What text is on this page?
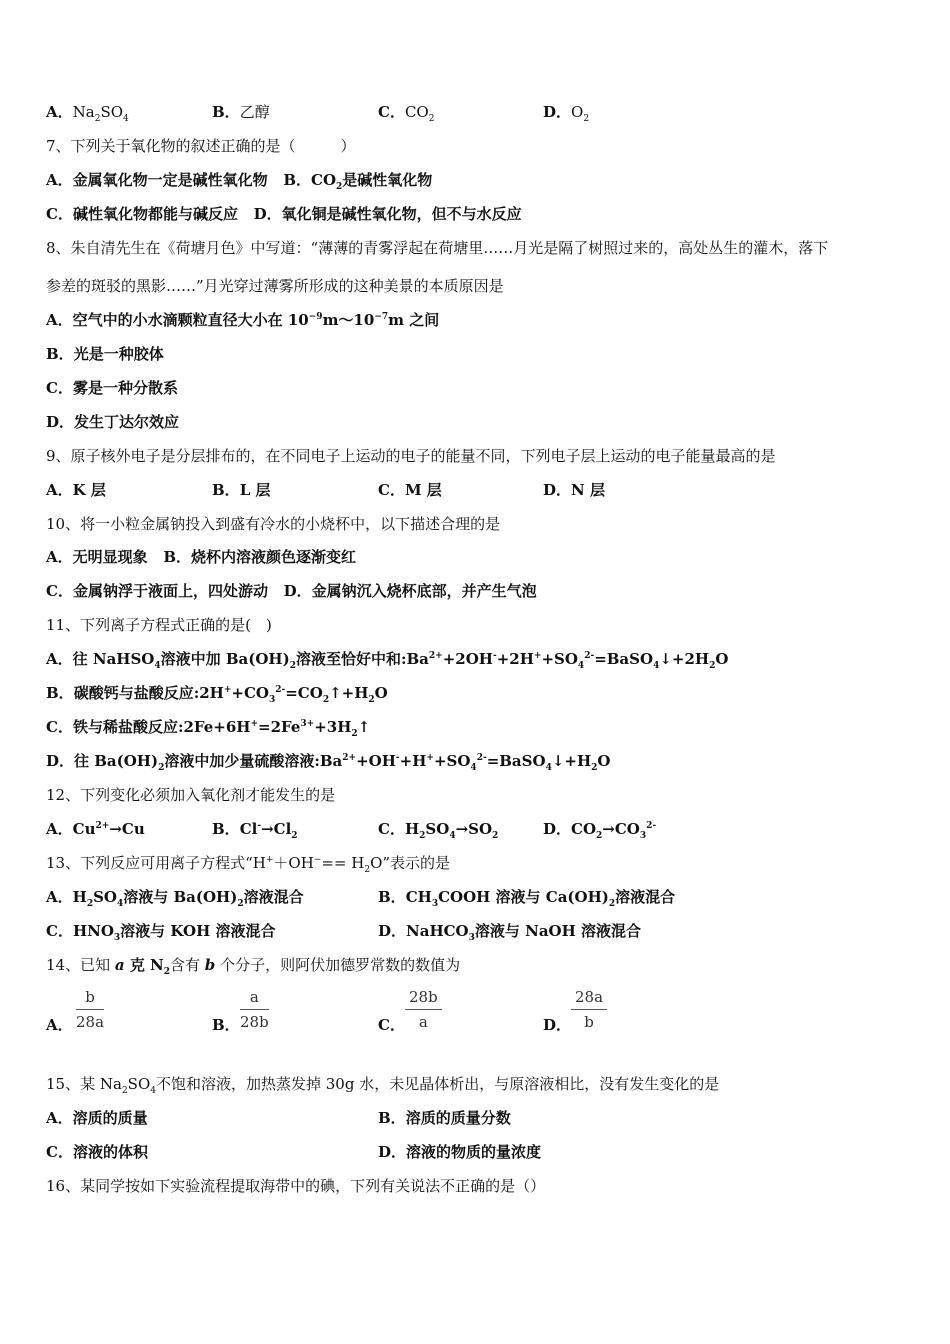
A．$Na_2SO_4$	B．乙醇	C．$CO_2$	D．$O_2$
7、下列关于氧化物的叙述正确的是（　　　）
A．金属氧化物一定是碱性氧化物 B．$CO_2$是碱性氧化物
C．碱性氧化物都能与碱反应 D．氧化铜是碱性氧化物，但不与水反应
8、朱自清先生在《荷塘月色》中写道：“薄薄的青雾浮起在荷塘里……月光是隔了树照过来的，高处丛生的灌木，落下
参差的斑驳的黑影……”月光穿过薄雾所形成的这种美景的本质原因是
A．空气中的小水滴颗粒直径大小在 $10^{-9}m\sim 10^{-7}m$ 之间
B．光是一种胶体
C．雾是一种分散系
D．发生丁达尔效应
9、原子核外电子是分层排布的，在不同电子上运动的电子的能量不同，下列电子层上运动的电子能量最高的是
A．K 层	B．L 层	C．M 层	D．N 层
10、将一小粒金属钠投入到盛有冷水的小烧杯中，以下描述合理的是
A．无明显现象 B．烧杯内溶液颜色逐渐变红
C．金属钠浮于液面上，四处游动 D．金属钠沉入烧杯底部，并产生气泡
11、下列离子方程式正确的是(　)
A．往 NaHSO$_4$溶液中加 $Ba(OH)_2$溶液至恰好中和$:Ba^{2+}+2OH^-+2H^++SO_4^{2-}=BaSO_4↓+2H_2O$
B．碳酸钙与盐酸反应$:2H^++CO_3^{2-}=CO_2↑+H_2O$
C．铁与稀盐酸反应$:2Fe+6H^+=2Fe^{3+}+3H_2↑$
D．往 $Ba(OH)_2$溶液中加少量硫酸溶液$:Ba^{2+}+OH^-+H^++SO_4^{2-}=BaSO_4↓+H_2O$
12、下列变化必须加入氧化剂才能发生的是
A．$Cu^{2+}\to Cu$	B．$Cl^-\to Cl_2$	C．$H_2SO_4\to SO_2$	D．$CO_2\to CO_3^{2-}$
13、下列反应可用离子方程式“$H^++OH^-== H_2O$”表示的是
A．$H_2SO_4$溶液与 $Ba(OH)_2$溶液混合	B．$CH_3COOH$ 溶液与 $Ca(OH)_2$溶液混合
C．$HNO_3$溶液与 KOH 溶液混合	D．NaHCO$_3$溶液与 NaOH 溶液混合
14、已知 a 克 $N_2$含有 b 个分子，则阿伏加德罗常数的数值为
A． $\frac{b}{28a}$	B． $\frac{a}{28b}$	C． $\frac{28b}{a}$	D． $\frac{28a}{b}$
15、某 $Na_2SO_4$不饱和溶液，加热蒸发掉 30g 水，未见晶体析出，与原溶液相比，没有发生变化的是
A．溶质的质量	B．溶质的质量分数
C．溶液的体积	D．溶液的物质的量浓度
16、某同学按如下实验流程提取海带中的碘，下列有关说法不正确的是（）
